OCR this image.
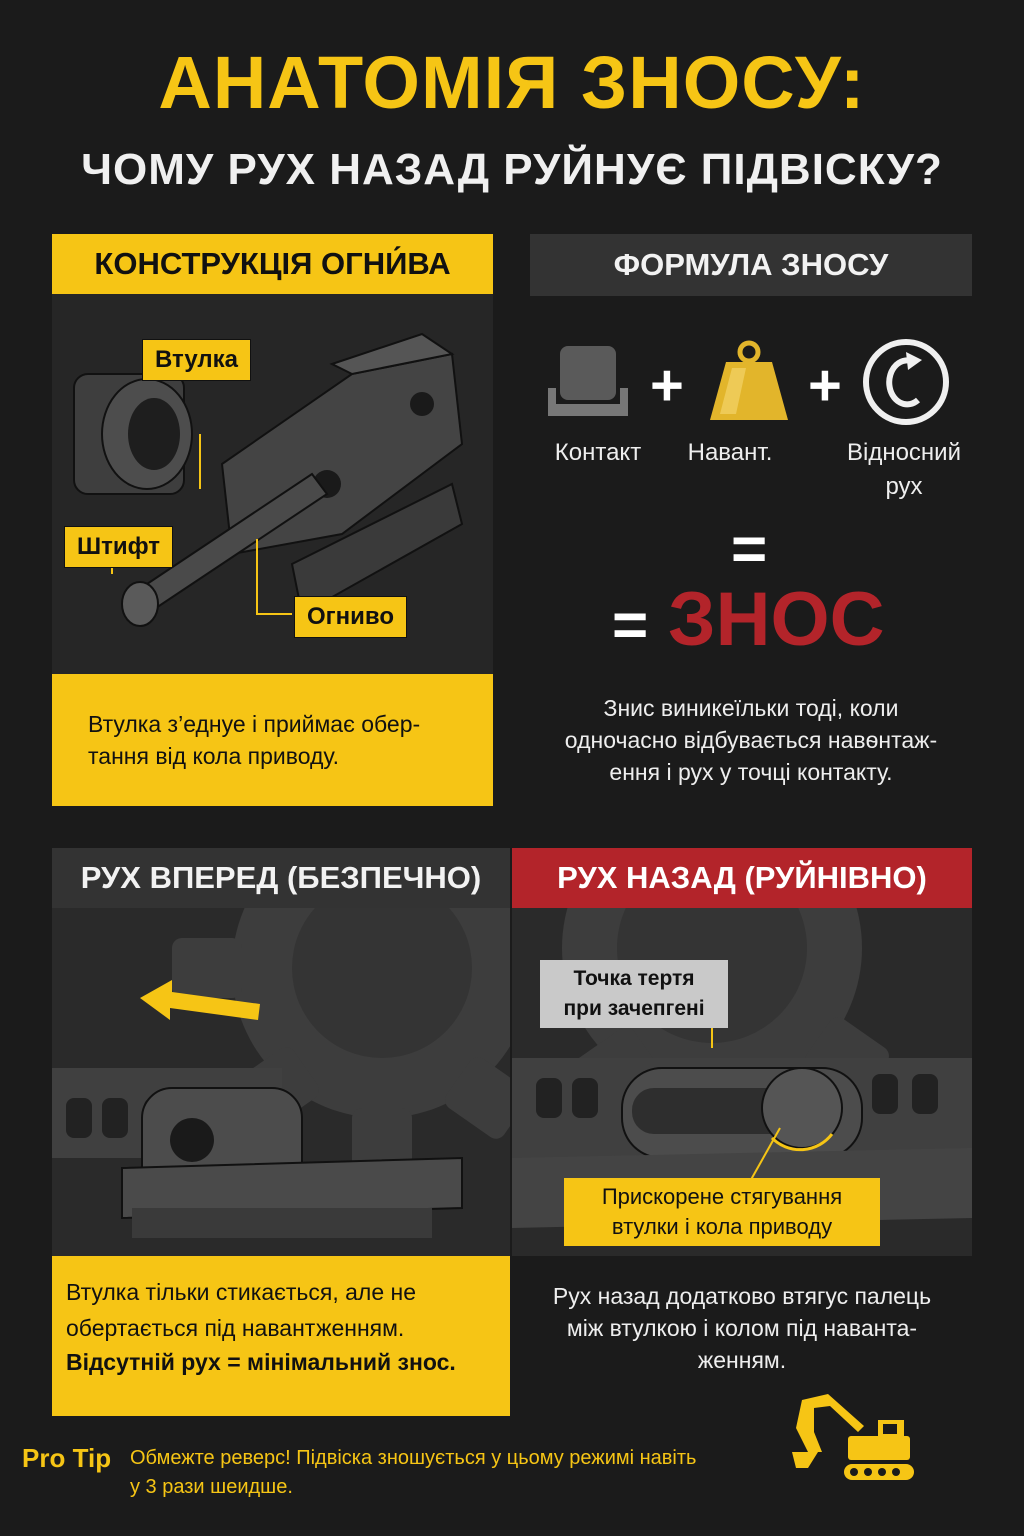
АНАТОМІЯ ЗНОСУ:
ЧОМУ РУХ НАЗАД РУЙНУЄ ПІДВІСКУ?
КОНСТРУКЦІЯ ОГНИ́ВА
Втулка
Штифт
Огниво
Втулка з’еднуе і приймає обер-
тання від кола приводу.
ФОРМУЛА ЗНОСУ
+ +
Контакт	Навант.	Відносний
рух
=
= ЗНОС
Знис виникеїльки тоді, коли
одночасно відбувається навѳнтаж-
ення і рух у точці контакту.
РУХ ВПЕРЕД (БЕЗПЕЧНО)
Втулка тільки стикається, але не
обертається під навантженням.
Відсутній рух = мінімальний знос.
РУХ НАЗАД (РУЙНІВНО)
Точка тертя
при зачепгені
Прискорене стягування
втулки і кола приводу
Рух назад додатково втягус палець
між втулкою і колом під наванта-
женням.
Pro Tip Обмежте реверс! Підвіска зношується у цьому режимі навіть
у 3 рази шеидше.
